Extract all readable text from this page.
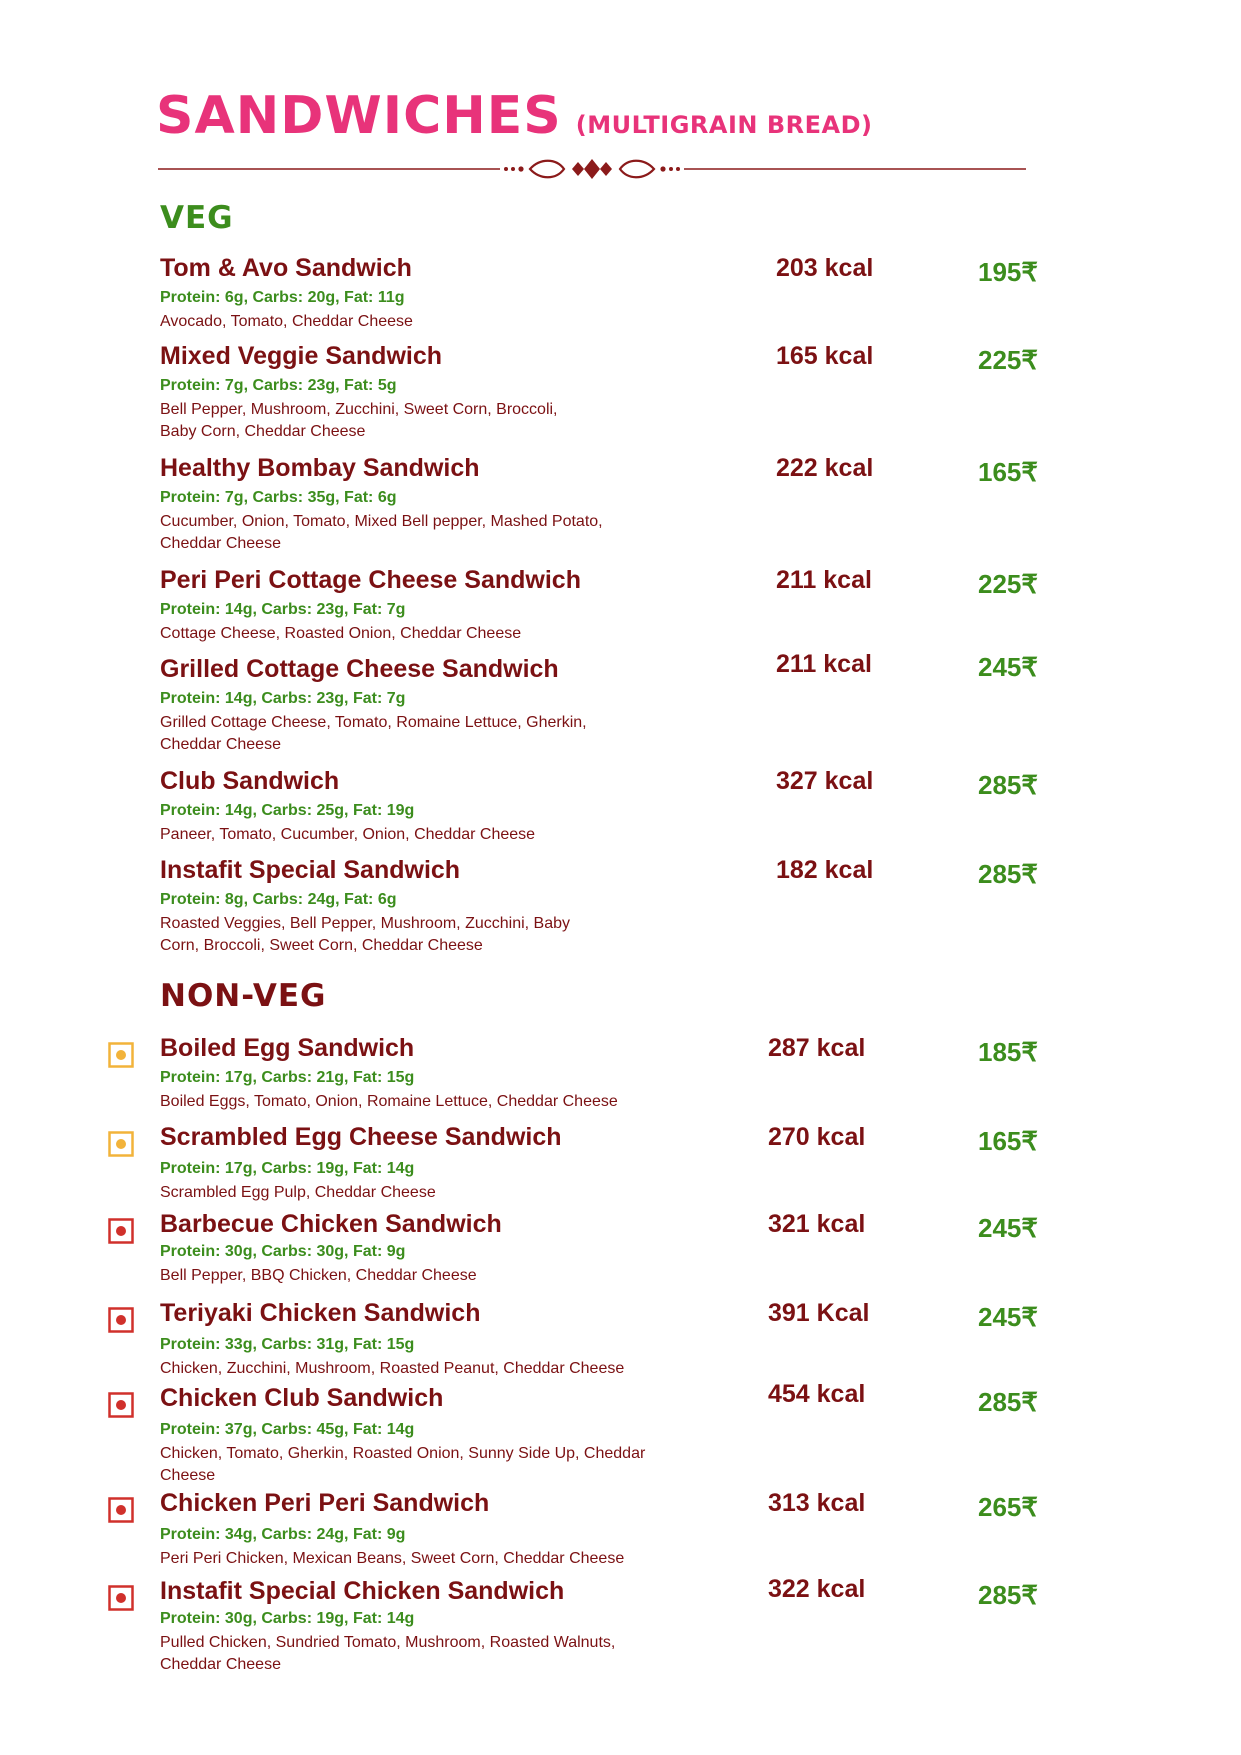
SANDWICHES (MULTIGRAIN BREAD)
VEG
Tom & Avo Sandwich
Protein: 6g, Carbs: 20g, Fat: 11g
Avocado, Tomato, Cheddar Cheese
203 kcal	195₹
Mixed Veggie Sandwich
Protein: 7g, Carbs: 23g, Fat: 5g
Bell Pepper, Mushroom, Zucchini, Sweet Corn, Broccoli, Baby Corn, Cheddar Cheese
165 kcal	225₹
Healthy Bombay Sandwich
Protein: 7g, Carbs: 35g, Fat: 6g
Cucumber, Onion, Tomato, Mixed Bell pepper, Mashed Potato, Cheddar Cheese
222 kcal	165₹
Peri Peri Cottage Cheese Sandwich
Protein: 14g, Carbs: 23g, Fat: 7g
Cottage Cheese, Roasted Onion, Cheddar Cheese
211 kcal	225₹
Grilled Cottage Cheese Sandwich
Protein: 14g, Carbs: 23g, Fat: 7g
Grilled Cottage Cheese, Tomato, Romaine Lettuce, Gherkin, Cheddar Cheese
211 kcal	245₹
Club Sandwich
Protein: 14g, Carbs: 25g, Fat: 19g
Paneer, Tomato, Cucumber, Onion, Cheddar Cheese
327 kcal	285₹
Instafit Special Sandwich
Protein: 8g, Carbs: 24g, Fat: 6g
Roasted Veggies, Bell Pepper, Mushroom, Zucchini, Baby Corn, Broccoli, Sweet Corn, Cheddar Cheese
182 kcal	285₹
NON-VEG
Boiled Egg Sandwich
Protein: 17g, Carbs: 21g, Fat: 15g
Boiled Eggs, Tomato, Onion, Romaine Lettuce, Cheddar Cheese
287 kcal	185₹
Scrambled Egg Cheese Sandwich
Protein: 17g, Carbs: 19g, Fat: 14g
Scrambled Egg Pulp, Cheddar Cheese
270 kcal	165₹
Barbecue Chicken Sandwich
Protein: 30g, Carbs: 30g, Fat: 9g
Bell Pepper, BBQ Chicken, Cheddar Cheese
321 kcal	245₹
Teriyaki Chicken Sandwich
Protein: 33g, Carbs: 31g, Fat: 15g
Chicken, Zucchini, Mushroom, Roasted Peanut, Cheddar Cheese
391 Kcal	245₹
Chicken Club Sandwich
Protein: 37g, Carbs: 45g, Fat: 14g
Chicken, Tomato, Gherkin, Roasted Onion, Sunny Side Up, Cheddar Cheese
454 kcal	285₹
Chicken Peri Peri Sandwich
Protein: 34g, Carbs: 24g, Fat: 9g
Peri Peri Chicken, Mexican Beans, Sweet Corn, Cheddar Cheese
313 kcal	265₹
Instafit Special Chicken Sandwich
Protein: 30g, Carbs: 19g, Fat: 14g
Pulled Chicken, Sundried Tomato, Mushroom, Roasted Walnuts, Cheddar Cheese
322 kcal	285₹
